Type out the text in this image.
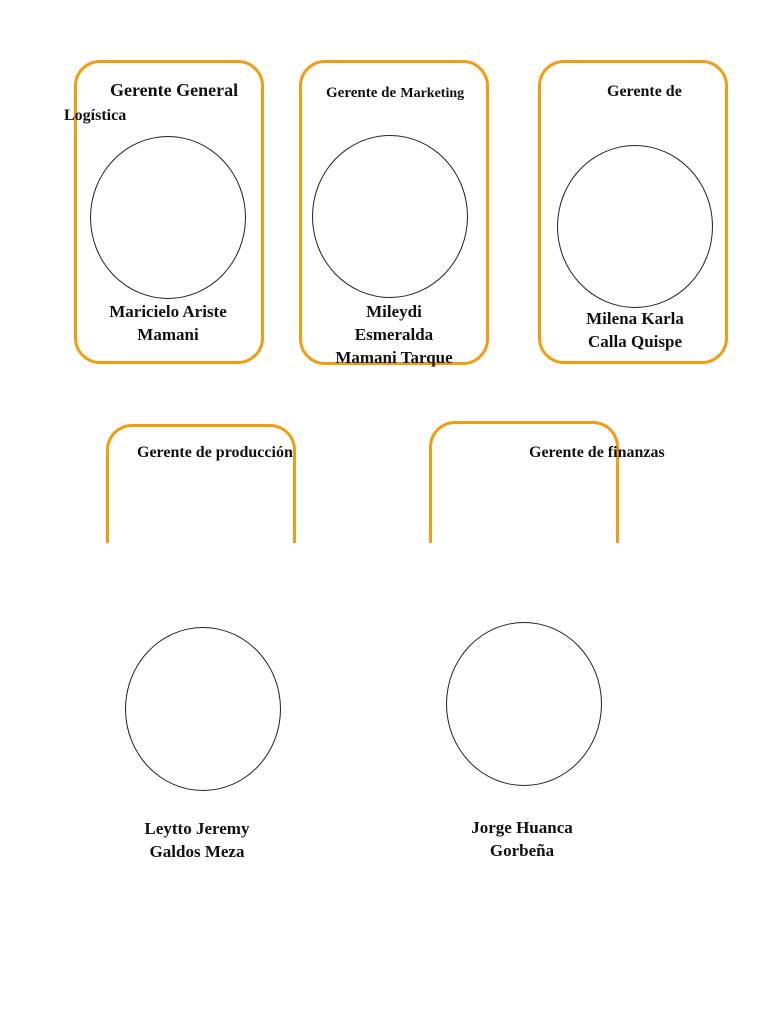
Gerente General
Logística
Maricielo Ariste
Mamani
Gerente de Marketing
Mileydi
Esmeralda
Mamani Tarque
Gerente de
Milena Karla
Calla Quispe
Gerente de producción
Leytto Jeremy
Galdos Meza
Gerente de finanzas
Jorge Huanca
Gorbeña
